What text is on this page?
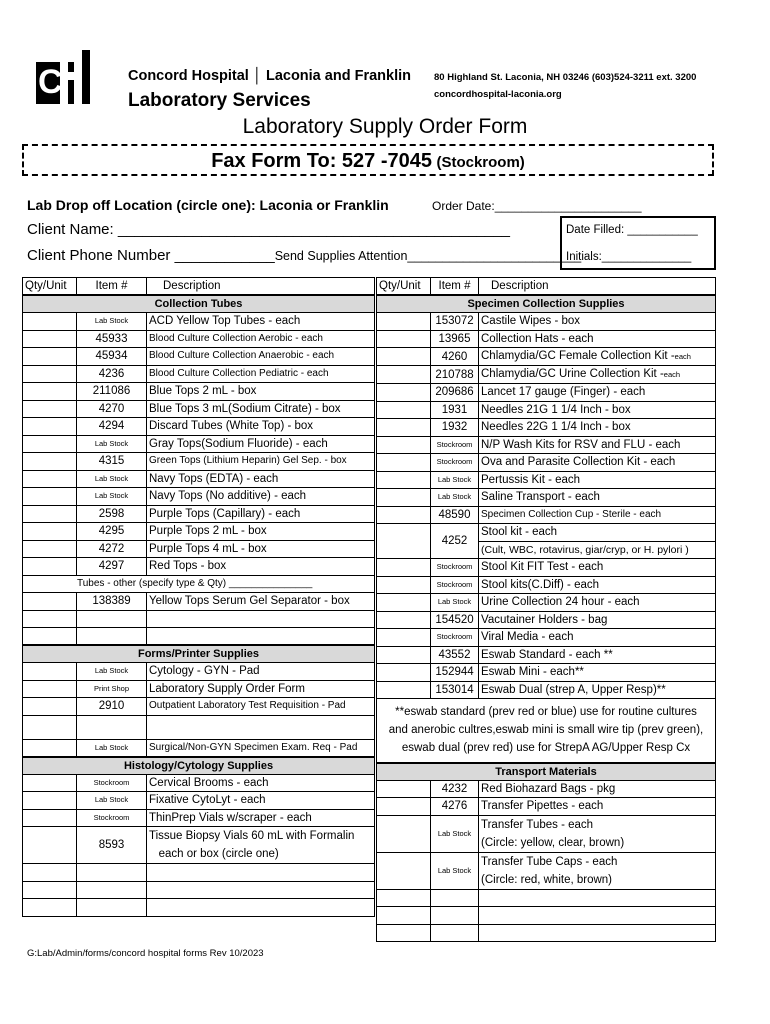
C	Concord Hospital │ Laconia and Franklin
Laboratory Services
80 Highland St. Laconia, NH 03246 (603)524-3211 ext. 3200
concordhospital-laconia.org
Laboratory Supply Order Form
Fax Form To: 527 -7045 (Stockroom)
Lab Drop off Location (circle one): Laconia or Franklin	Order Date:______________________
Client Name: _______________________________________________
Client Phone Number ____________Send Supplies Attention_________________________
Date Filled: ___________
Initials:______________
Qty/Unit	Item #	Description
Collection Tubes		
	Lab Stock	ACD Yellow Top Tubes - each
	45933	Blood Culture Collection Aerobic - each
	45934	Blood Culture Collection Anaerobic - each
	4236	Blood Culture Collection Pediatric - each
	211086	Blue Tops 2 mL - box
	4270	Blue Tops 3 mL(Sodium Citrate) - box
	4294	Discard Tubes (White Top) - box
	Lab Stock	Gray Tops(Sodium Fluoride) - each
	4315	Green Tops (Lithium Heparin) Gel Sep. - box
	Lab Stock	Navy Tops (EDTA) - each
	Lab Stock	Navy Tops (No additive) - each
	2598	Purple Tops (Capillary) - each
	4295	Purple Tops 2 mL - box
	4272	Purple Tops 4 mL - box
	4297	Red Tops - box
Tubes - other (specify type & Qty) _______________		
	138389	Yellow Tops Serum Gel Separator - box

Forms/Printer Supplies		
	Lab Stock	Cytology - GYN - Pad
	Print Shop	Laboratory Supply Order Form
	2910	Outpatient Laboratory Test Requisition - Pad

	Lab Stock	Surgical/Non-GYN Specimen Exam. Req - Pad
Histology/Cytology Supplies		
	Stockroom	Cervical Brooms - each
	Lab Stock	Fixative CytoLyt - each
	Stockroom	ThinPrep Vials w/scraper - each
	8593	Tissue Biopsy Vials 60 mL with Formalin
each or box (circle one)

Qty/Unit	Item #	Description
Specimen Collection Supplies		
	153072	Castile Wipes - box
	13965	Collection Hats - each
	4260	Chlamydia/GC Female Collection Kit -each
	210788	Chlamydia/GC Urine Collection Kit -each
	209686	Lancet 17 gauge (Finger) - each
	1931	Needles 21G 1 1/4 Inch - box
	1932	Needles 22G 1 1/4 Inch - box
	Stockroom	N/P Wash Kits for RSV and FLU - each
	Stockroom	Ova and Parasite Collection Kit - each
	Lab Stock	Pertussis Kit - each
	Lab Stock	Saline Transport - each
	48590	Specimen Collection Cup - Sterile - each
	4252	Stool kit - each
		(Cult, WBC, rotavirus, giar/cryp, or H. pylori )
	Stockroom	Stool Kit FIT Test - each
	Stockroom	Stool kits(C.Diff) - each
	Lab Stock	Urine Collection 24 hour - each
	154520	Vacutainer Holders - bag
	Stockroom	Viral Media - each
	43552	Eswab Standard - each **
	152944	Eswab Mini - each**
	153014	Eswab Dual (strep A, Upper Resp)**
**eswab standard (prev red or blue) use for routine cultures
and anerobic cultres,eswab mini is small wire tip (prev green),
eswab dual (prev red) use for StrepA AG/Upper Resp Cx		
Transport Materials		
	4232	Red Biohazard Bags - pkg
	4276	Transfer Pipettes - each
	Lab Stock	Transfer Tubes - each
(Circle: yellow, clear, brown)
	Lab Stock	Transfer Tube Caps - each
(Circle: red, white, brown)

G:Lab/Admin/forms/concord hospital forms Rev 10/2023
